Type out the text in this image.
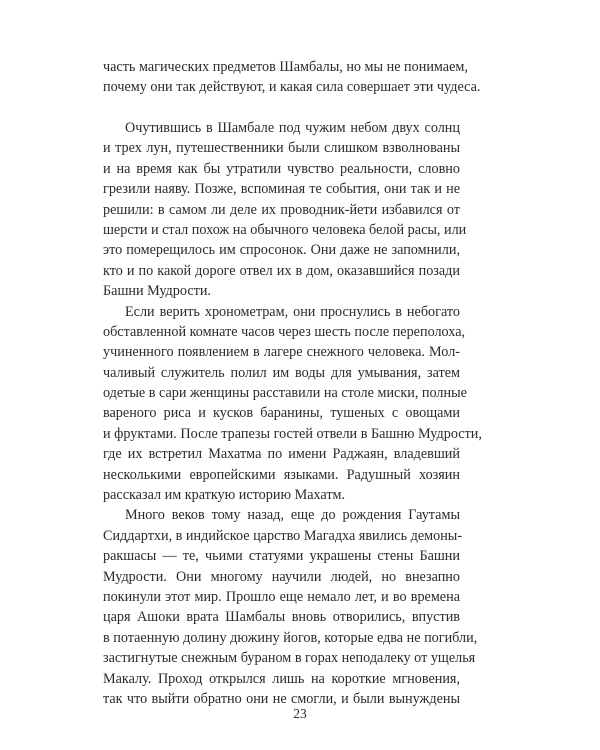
часть магических предметов Шамбалы, но мы не понимаем,
почему они так действуют, и какая сила совершает эти чудеса.
Очутившись в Шамбале под чужим небом двух солнц
и трех лун, путешественники были слишком взволнованы
и на время как бы утратили чувство реальности, словно
грезили наяву. Позже, вспоминая те события, они так и не
решили: в самом ли деле их проводник-йети избавился от
шерсти и стал похож на обычного человека белой расы, или
это померещилось им спросонок. Они даже не запомнили,
кто и по какой дороге отвел их в дом, оказавшийся позади
Башни Мудрости.
Если верить хронометрам, они проснулись в небогато
обставленной комнате часов через шесть после переполоха,
учиненного появлением в лагере снежного человека. Мол-
чаливый служитель полил им воды для умывания, затем
одетые в сари женщины расставили на столе миски, полные
вареного риса и кусков баранины, тушеных с овощами
и фруктами. После трапезы гостей отвели в Башню Мудрости,
где их встретил Махатма по имени Раджаян, владевший
несколькими европейскими языками. Радушный хозяин
рассказал им краткую историю Махатм.
Много веков тому назад, еще до рождения Гаутамы
Сиддартхи, в индийское царство Магадха явились демоны-
ракшасы — те, чьими статуями украшены стены Башни
Мудрости. Они многому научили людей, но внезапно
покинули этот мир. Прошло еще немало лет, и во времена
царя Ашоки врата Шамбалы вновь отворились, впустив
в потаенную долину дюжину йогов, которые едва не погибли,
застигнутые снежным бураном в горах неподалеку от ущелья
Макалу. Проход открылся лишь на короткие мгновения,
так что выйти обратно они не смогли, и были вынуждены
23
